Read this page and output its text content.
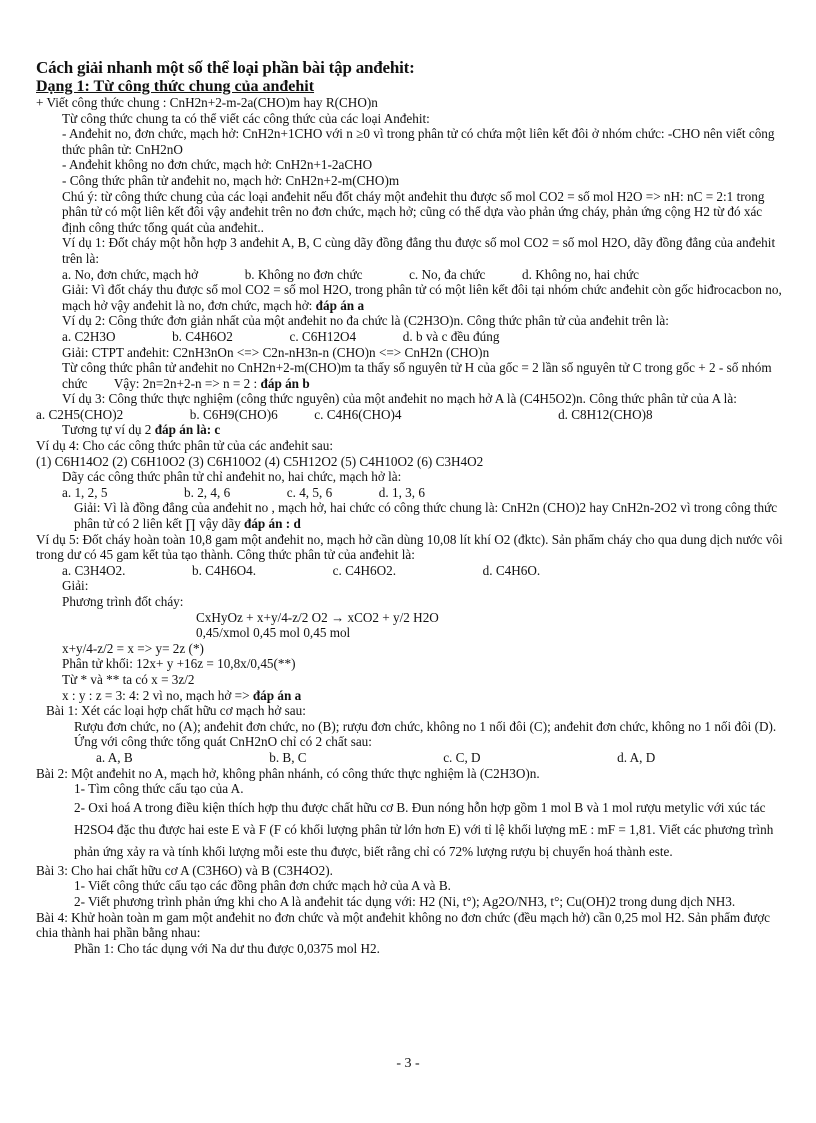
Cách giải nhanh một số thể loại phần bài tập anđehit:
Dạng 1: Từ công thức chung của anđehit
+ Viết công thức chung : CnH2n+2-m-2a(CHO)m hay R(CHO)n
Từ công thức chung ta có thể viết các công thức của các loại Anđehit:
- Anđehit no, đơn chức, mạch hở: CnH2n+1CHO với n ≥0 vì trong phân tử có chứa một liên kết đôi ở nhóm chức: -CHO nên viết công thức phân tử: CnH2nO
- Anđehit không no đơn chức, mạch hở: CnH2n+1-2aCHO
- Công thức phân tử anđehit no, mạch hở: CnH2n+2-m(CHO)m
Chú ý: từ công thức chung của các loại anđehit nếu đốt cháy một anđehit thu được số mol CO2 = số mol H2O => nH: nC = 2:1 trong phân tử có một liên kết đôi vậy anđehit trên no đơn chức, mạch hở; cũng có thể dựa vào phản ứng cháy, phản ứng cộng H2 từ đó xác định công thức tổng quát của anđehit..
Ví dụ 1: Đốt cháy một hỗn hợp 3 anđehit A, B, C cùng dãy đồng đẳng thu được số mol CO2 = số mol H2O, dãy đồng đẳng của anđehit trên là:
a. No, đơn chức, mạch hở	b. Không no đơn chức	c. No, đa chức	d. Không no, hai chức
Giải: Vì đốt cháy thu được số mol CO2 = số mol H2O, trong phân tử có một liên kết đôi tại nhóm chức anđehit còn gốc hiđrocacbon no, mạch hở vậy anđehit là no, đơn chức, mạch hở: đáp án a
Ví dụ 2: Công thức đơn giản nhất của một anđehit no đa chức là (C2H3O)n. Công thức phân tử của anđehit trên là:
a. C2H3O	b. C4H6O2	c. C6H12O4	d. b và c đều đúng
Giải: CTPT anđehit: C2nH3nOn <=> C2n-nH3n-n (CHO)n <=> CnH2n (CHO)n
Từ công thức phân tử anđehit no CnH2n+2-m(CHO)m ta thấy số nguyên tử H của gốc = 2 lần số nguyên tử C trong gốc + 2 - số nhóm chức Vậy: 2n=2n+2-n => n = 2 : đáp án b
Ví dụ 3: Công thức thực nghiệm (công thức nguyên) của một anđehit no mạch hở A là (C4H5O2)n. Công thức phân tử của A là:
a. C2H5(CHO)2	b. C6H9(CHO)6	c. C4H6(CHO)4	d. C8H12(CHO)8
Tương tự ví dụ 2 đáp án là: c
Ví dụ 4: Cho các công thức phân tử của các anđehit sau:
(1) C6H14O2 (2) C6H10O2 (3) C6H10O2 (4) C5H12O2 (5) C4H10O2 (6) C3H4O2
Dãy các công thức phân tử chỉ anđehit no, hai chức, mạch hở là:
a. 1, 2, 5	b. 2, 4, 6	c. 4, 5, 6	d. 1, 3, 6
Giải: Vì là đồng đẳng của anđehit no , mạch hở, hai chức có công thức chung là: CnH2n (CHO)2 hay CnH2n-2O2 vì trong công thức phân tử có 2 liên kết ∏ vậy dãy đáp án : d
Ví dụ 5: Đốt cháy hoàn toàn 10,8 gam một anđehit no, mạch hở cần dùng 10,08 lít khí O2 (đktc). Sản phẩm cháy cho qua dung dịch nước vôi trong dư có 45 gam kết tủa tạo thành. Công thức phân tử của anđehit là:
a. C3H4O2.	b. C4H6O4.	c. C4H6O2.	d. C4H6O.
Giải:
Phương trình đốt cháy:
CxHyOz + x+y/4-z/2 O2 → xCO2 + y/2 H2O
0,45/xmol 0,45 mol 0,45 mol
x+y/4-z/2 = x => y= 2z (*)
Phân tử khối: 12x+ y +16z = 10,8x/0,45(**)
Từ * và ** ta có x = 3z/2
x : y : z = 3: 4: 2 vì no, mạch hở => đáp án a
Bài 1: Xét các loại hợp chất hữu cơ mạch hở sau:
Rượu đơn chức, no (A); anđehit đơn chức, no (B); rượu đơn chức, không no 1 nối đôi (C); anđehit đơn chức, không no 1 nối đôi (D). Ứng với công thức tổng quát CnH2nO chỉ có 2 chất sau:
a. A, B	b. B, C	c. C, D	d. A, D
Bài 2: Một anđehit no A, mạch hở, không phân nhánh, có công thức thực nghiệm là (C2H3O)n.
1- Tìm công thức cấu tạo của A.
2- Oxi hoá A trong điều kiện thích hợp thu được chất hữu cơ B. Đun nóng hỗn hợp gồm 1 mol B và 1 mol rượu metylic với xúc tác H2SO4 đặc thu được hai este E và F (F có khối lượng phân tử lớn hơn E) với tỉ lệ khối lượng mE : mF = 1,81. Viết các phương trình phản ứng xảy ra và tính khối lượng mỗi este thu được, biết rằng chỉ có 72% lượng rượu bị chuyển hoá thành este.
Bài 3: Cho hai chất hữu cơ A (C3H6O) và B (C3H4O2).
1- Viết công thức cấu tạo các đồng phân đơn chức mạch hở của A và B.
2- Viết phương trình phản ứng khi cho A là anđehit tác dụng với: H2 (Ni, t°); Ag2O/NH3, t°; Cu(OH)2 trong dung dịch NH3.
Bài 4: Khử hoàn toàn m gam một anđehit no đơn chức và một anđehit không no đơn chức (đều mạch hở) cần 0,25 mol H2. Sản phẩm được chia thành hai phần bằng nhau:
Phần 1: Cho tác dụng với Na dư thu được 0,0375 mol H2.
- 3 -
